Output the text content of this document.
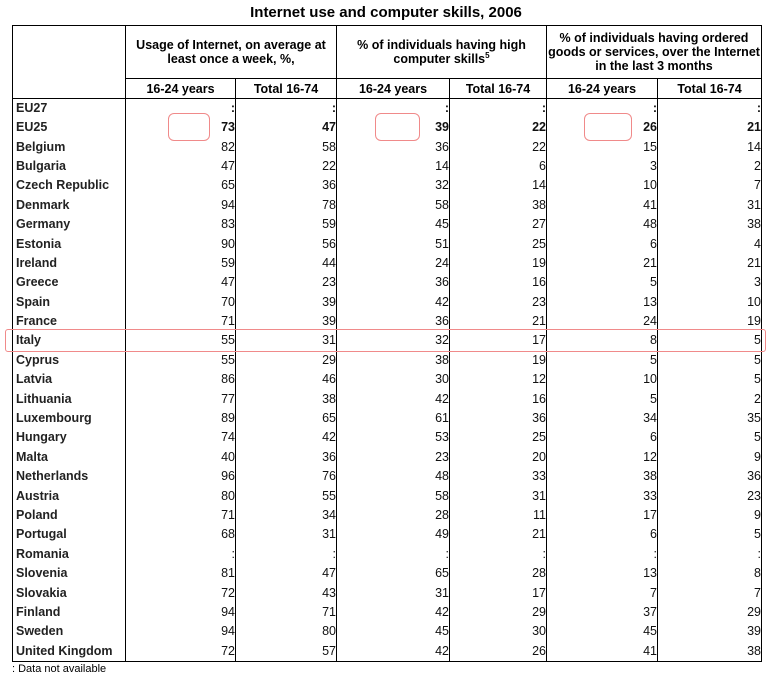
Internet use and computer skills, 2006
	Usage of Internet, on average at least once a week, %,		% of individuals having high computer skills$^5$		% of individuals having ordered goods or services, over the Internet in the last 3 months	
	16-24 years	Total 16-74	16-24 years	Total 16-74	16-24 years	Total 16-74
EU27	:	:	:	:	:	:
EU25	73	47	39	22	26	21
Belgium	82	58	36	22	15	14
Bulgaria	47	22	14	6	3	2
Czech Republic	65	36	32	14	10	7
Denmark	94	78	58	38	41	31
Germany	83	59	45	27	48	38
Estonia	90	56	51	25	6	4
Ireland	59	44	24	19	21	21
Greece	47	23	36	16	5	3
Spain	70	39	42	23	13	10
France	71	39	36	21	24	19
Italy	55	31	32	17	8	5
Cyprus	55	29	38	19	5	5
Latvia	86	46	30	12	10	5
Lithuania	77	38	42	16	5	2
Luxembourg	89	65	61	36	34	35
Hungary	74	42	53	25	6	5
Malta	40	36	23	20	12	9
Netherlands	96	76	48	33	38	36
Austria	80	55	58	31	33	23
Poland	71	34	28	11	17	9
Portugal	68	31	49	21	6	5
Romania	:	:	:	:	:	:
Slovenia	81	47	65	28	13	8
Slovakia	72	43	31	17	7	7
Finland	94	71	42	29	37	29
Sweden	94	80	45	30	45	39
United Kingdom	72	57	42	26	41	38
: Data not available
